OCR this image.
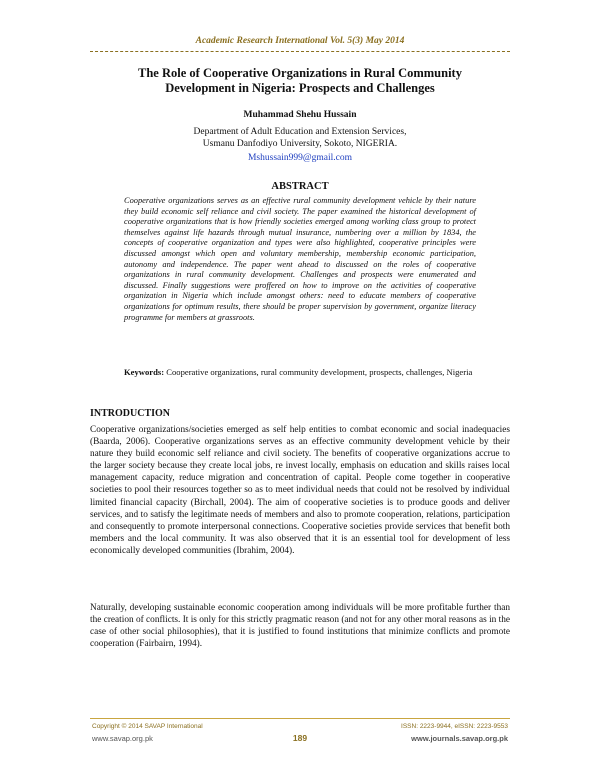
Academic Research International Vol. 5(3) May 2014
The Role of Cooperative Organizations in Rural Community Development in Nigeria: Prospects and Challenges
Muhammad Shehu Hussain
Department of Adult Education and Extension Services,
Usmanu Danfodiyo University, Sokoto, NIGERIA.
Mshussain999@gmail.com
ABSTRACT
Cooperative organizations serves as an effective rural community development vehicle by their nature they build economic self reliance and civil society. The paper examined the historical development of cooperative organizations that is how friendly societies emerged among working class group to protect themselves against life hazards through mutual insurance, numbering over a million by 1834, the concepts of cooperative organization and types were also highlighted, cooperative principles were discussed amongst which open and voluntary membership, membership economic participation, autonomy and independence. The paper went ahead to discussed on the roles of cooperative organizations in rural community development. Challenges and prospects were enumerated and discussed. Finally suggestions were proffered on how to improve on the activities of cooperative organization in Nigeria which include amongst others: need to educate members of cooperative organizations for optimum results, there should be proper supervision by government, organize literacy programme for members at grassroots.
Keywords: Cooperative organizations, rural community development, prospects, challenges, Nigeria
INTRODUCTION
Cooperative organizations/societies emerged as self help entities to combat economic and social inadequacies (Baarda, 2006). Cooperative organizations serves as an effective community development vehicle by their nature they build economic self reliance and civil society. The benefits of cooperative organizations accrue to the larger society because they create local jobs, re invest locally, emphasis on education and skills raises local management capacity, reduce migration and concentration of capital. People come together in cooperative societies to pool their resources together so as to meet individual needs that could not be resolved by individual limited financial capacity (Birchall, 2004). The aim of cooperative societies is to produce goods and deliver services, and to satisfy the legitimate needs of members and also to promote cooperation, relations, participation and consequently to promote interpersonal connections. Cooperative societies provide services that benefit both members and the local community. It was also observed that it is an essential tool for development of less economically developed communities (Ibrahim, 2004).
Naturally, developing sustainable economic cooperation among individuals will be more profitable further than the creation of conflicts. It is only for this strictly pragmatic reason (and not for any other moral reasons as in the case of other social philosophies), that it is justified to found institutions that minimize conflicts and promote cooperation (Fairbairn, 1994).
Copyright © 2014 SAVAP International	ISSN: 2223-9944, eISSN: 2223-9553
www.savap.org.pk	189	www.journals.savap.org.pk
